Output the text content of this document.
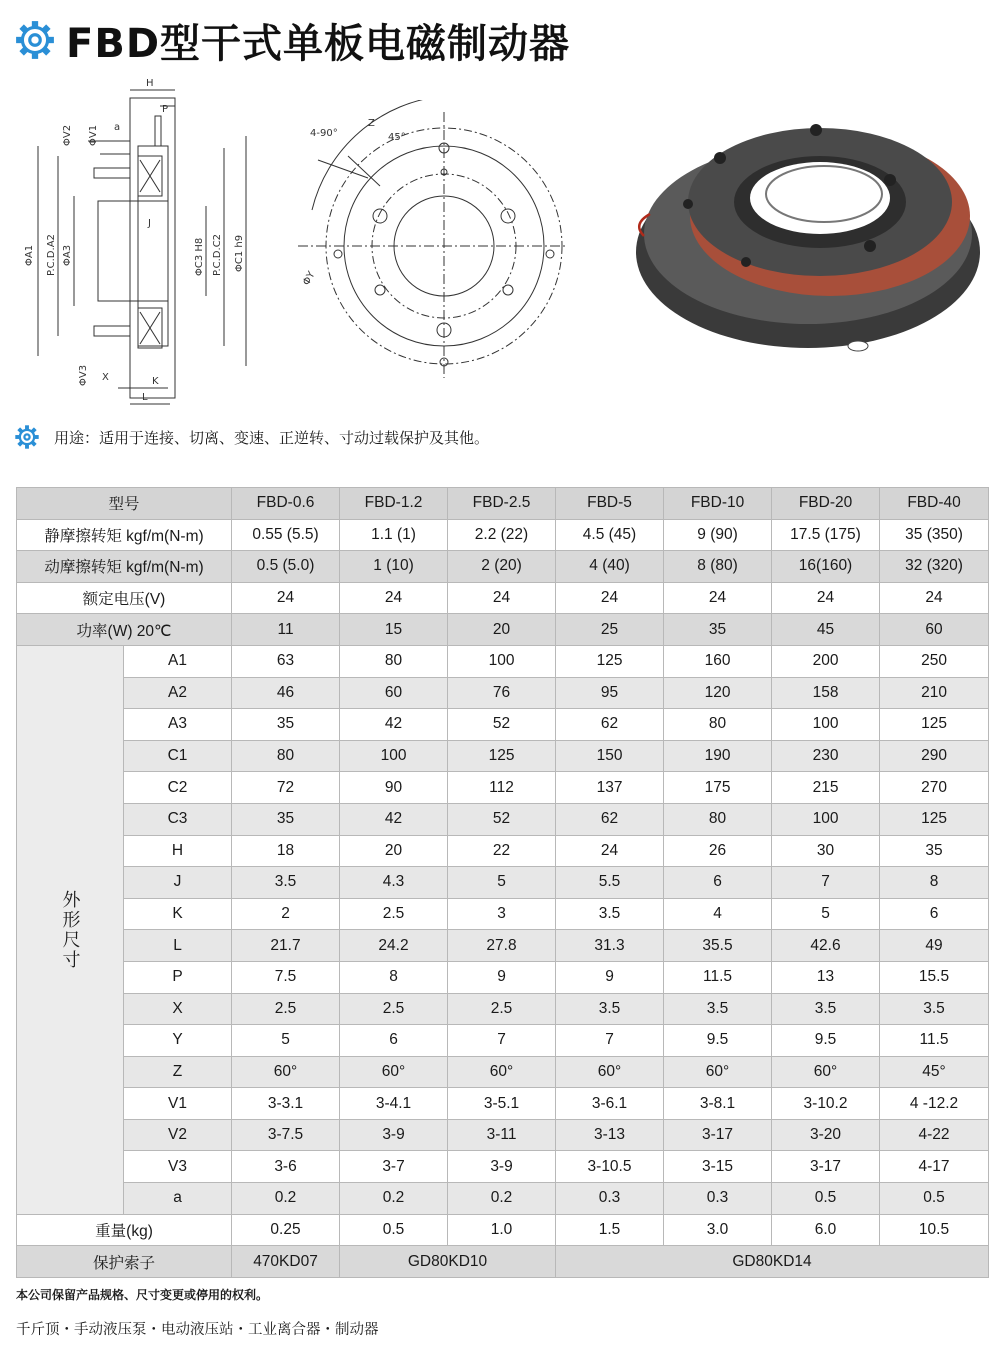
FBD型干式单板电磁制动器
H
P
a
J
X	K
L
ΦV2 ΦV1
ΦA1 P.C.D.A2 ΦA3	ΦC3 H8 P.C.D.C2 ΦC1 h9
ΦV3
4-90°
Z
45°
ΦY
用途：适用于连接、切离、变速、正逆转、寸动过载保护及其他。
型号		FBD-0.6	FBD-1.2	FBD-2.5	FBD-5	FBD-10	FBD-20	FBD-40
静摩擦转矩 kgf/m(N-m)		0.55 (5.5)	1.1 (1)	2.2 (22)	4.5 (45)	9 (90)	17.5 (175)	35 (350)
动摩擦转矩 kgf/m(N-m)		0.5 (5.0)	1 (10)	2 (20)	4 (40)	8 (80)	16(160)	32 (320)
额定电压(V)		24	24	24	24	24	24	24
功率(W) 20℃		11	15	20	25	35	45	60
外形尺寸	A1	63	80	100	125	160	200	250
	A2	46	60	76	95	120	158	210
	A3	35	42	52	62	80	100	125
	C1	80	100	125	150	190	230	290
	C2	72	90	112	137	175	215	270
	C3	35	42	52	62	80	100	125
	H	18	20	22	24	26	30	35
	J	3.5	4.3	5	5.5	6	7	8
	K	2	2.5	3	3.5	4	5	6
	L	21.7	24.2	27.8	31.3	35.5	42.6	49
	P	7.5	8	9	9	11.5	13	15.5
	X	2.5	2.5	2.5	3.5	3.5	3.5	3.5
	Y	5	6	7	7	9.5	9.5	11.5
	Z	60°	60°	60°	60°	60°	60°	45°
	V1	3-3.1	3-4.1	3-5.1	3-6.1	3-8.1	3-10.2	4 -12.2
	V2	3-7.5	3-9	3-11	3-13	3-17	3-20	4-22
	V3	3-6	3-7	3-9	3-10.5	3-15	3-17	4-17
	a	0.2	0.2	0.2	0.3	0.3	0.5	0.5
重量(kg)		0.25	0.5	1.0	1.5	3.0	6.0	10.5
保护索子		470KD07	GD80KD10		GD80KD14			
本公司保留产品规格、尺寸变更或停用的权利。
千斤顶・手动液压泵・电动液压站・工业离合器・制动器
